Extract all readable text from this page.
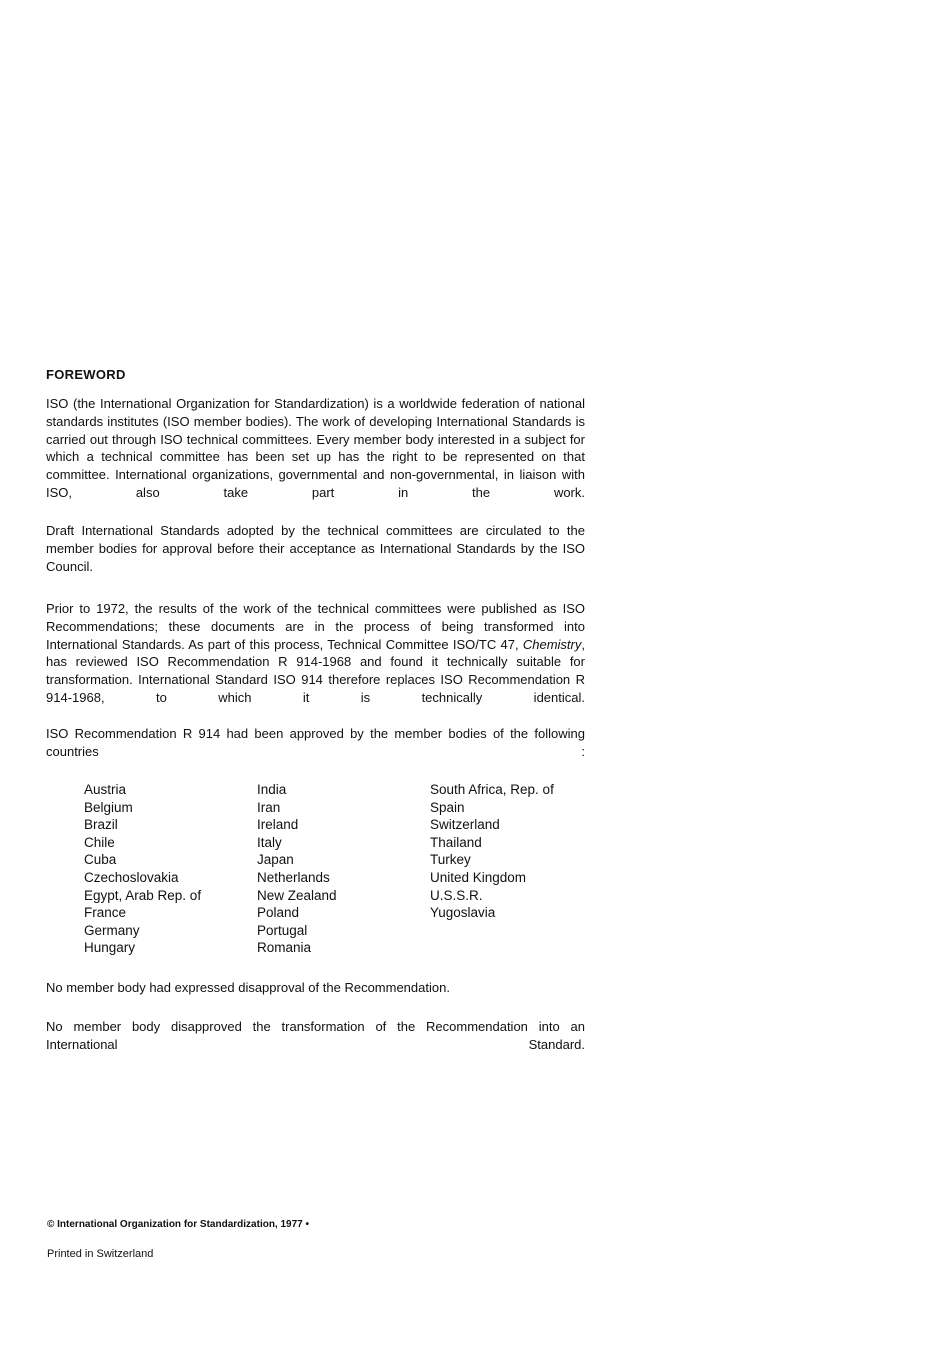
FOREWORD
ISO (the International Organization for Standardization) is a worldwide federation of national standards institutes (ISO member bodies). The work of developing International Standards is carried out through ISO technical committees. Every member body interested in a subject for which a technical committee has been set up has the right to be represented on that committee. International organizations, governmental and non-governmental, in liaison with ISO, also take part in the work.
Draft International Standards adopted by the technical committees are circulated to the member bodies for approval before their acceptance as International Standards by the ISO Council.
Prior to 1972, the results of the work of the technical committees were published as ISO Recommendations; these documents are in the process of being transformed into International Standards. As part of this process, Technical Committee ISO/TC 47, Chemistry, has reviewed ISO Recommendation R 914-1968 and found it technically suitable for transformation. International Standard ISO 914 therefore replaces ISO Recommendation R 914-1968, to which it is technically identical.
ISO Recommendation R 914 had been approved by the member bodies of the following countries :
Austria
Belgium
Brazil
Chile
Cuba
Czechoslovakia
Egypt, Arab Rep. of
France
Germany
Hungary
India
Iran
Ireland
Italy
Japan
Netherlands
New Zealand
Poland
Portugal
Romania
South Africa, Rep. of
Spain
Switzerland
Thailand
Turkey
United Kingdom
U.S.S.R.
Yugoslavia
No member body had expressed disapproval of the Recommendation.
No member body disapproved the transformation of the Recommendation into an International Standard.
© International Organization for Standardization, 1977 •
Printed in Switzerland
